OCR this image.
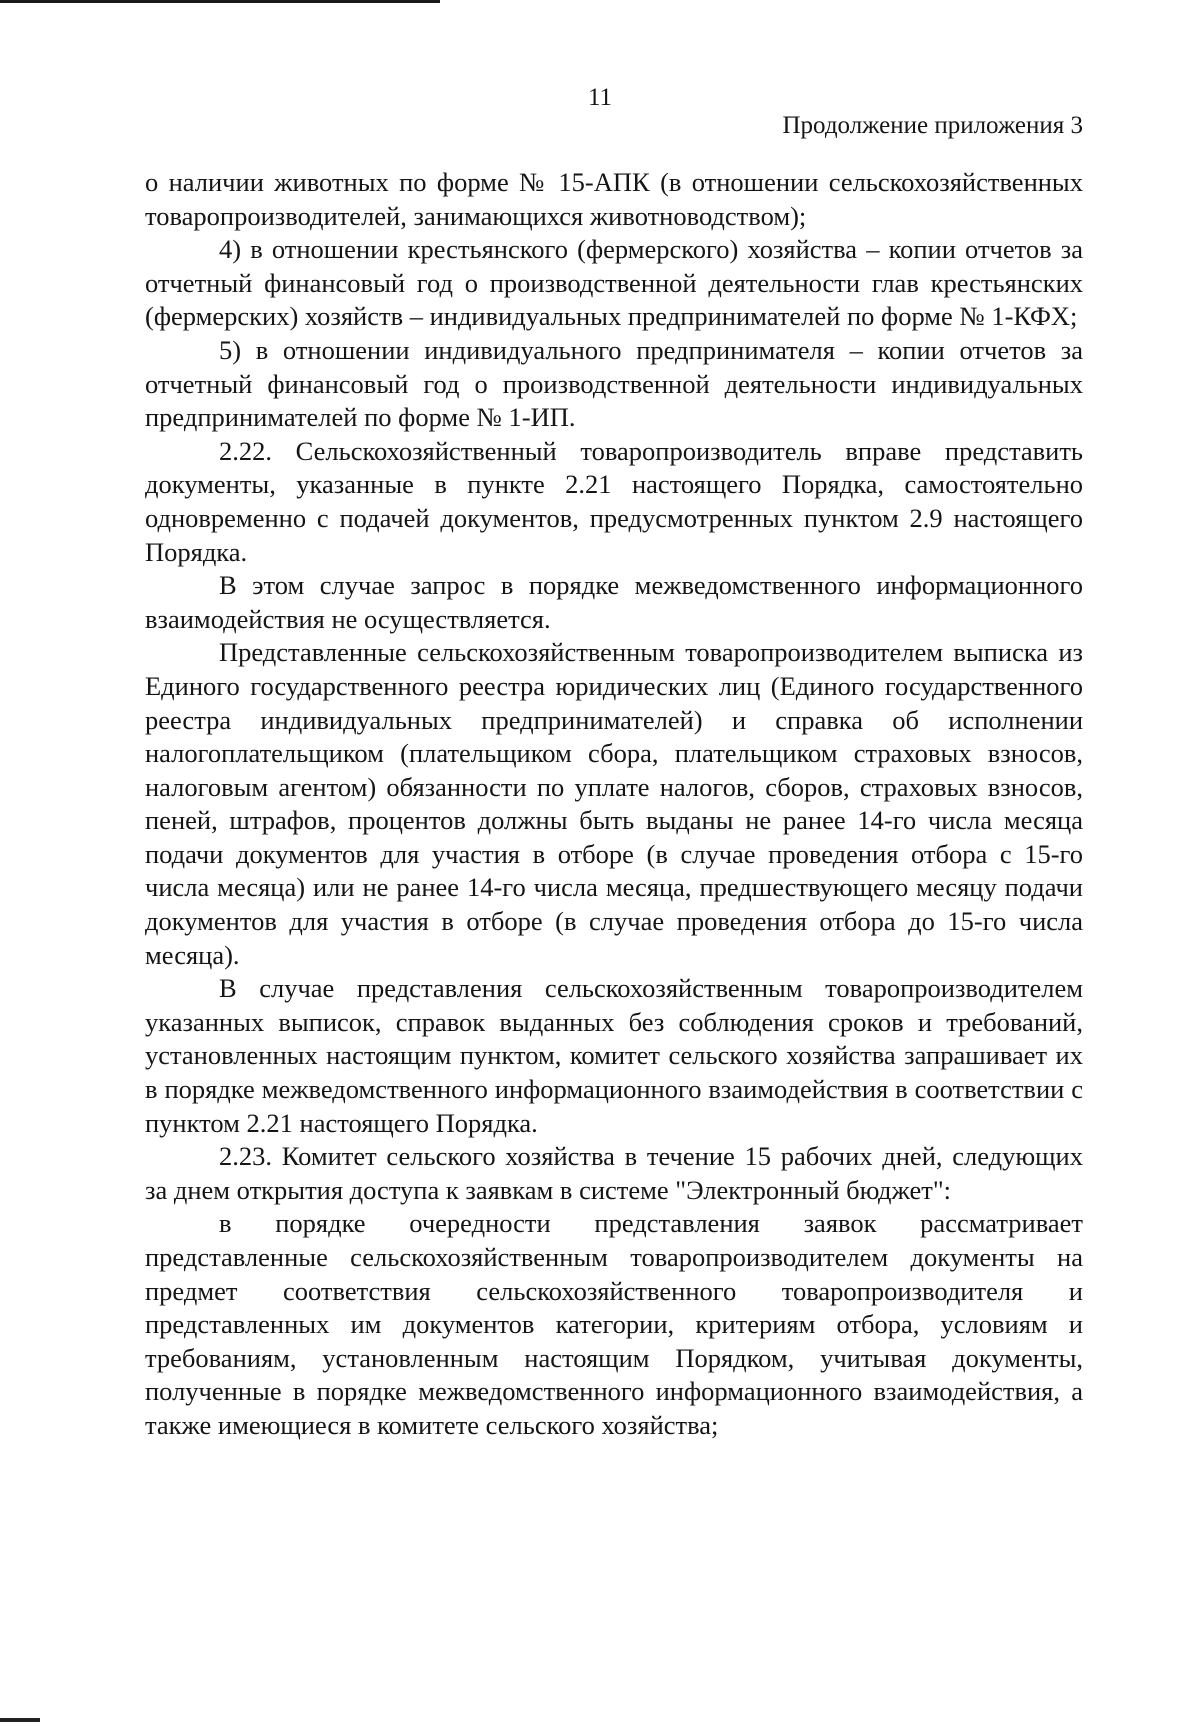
11
Продолжение приложения 3

о наличии животных по форме № 15-АПК (в отношении сельскохозяйственных товаропроизводителей, занимающихся животноводством);

4) в отношении крестьянского (фермерского) хозяйства – копии отчетов за отчетный финансовый год о производственной деятельности глав крестьянских (фермерских) хозяйств – индивидуальных предпринимателей по форме № 1-КФХ;

5) в отношении индивидуального предпринимателя – копии отчетов за отчетный финансовый год о производственной деятельности индивидуальных предпринимателей по форме № 1-ИП.

2.22. Сельскохозяйственный товаропроизводитель вправе представить документы, указанные в пункте 2.21 настоящего Порядка, самостоятельно одновременно с подачей документов, предусмотренных пунктом 2.9 настоящего Порядка.

В этом случае запрос в порядке межведомственного информационного взаимодействия не осуществляется.

Представленные сельскохозяйственным товаропроизводителем выписка из Единого государственного реестра юридических лиц (Единого государственного реестра индивидуальных предпринимателей) и справка об исполнении налогоплательщиком (плательщиком сбора, плательщиком страховых взносов, налоговым агентом) обязанности по уплате налогов, сборов, страховых взносов, пеней, штрафов, процентов должны быть выданы не ранее 14-го числа месяца подачи документов для участия в отборе (в случае проведения отбора с 15-го числа месяца) или не ранее 14-го числа месяца, предшествующего месяцу подачи документов для участия в отборе (в случае проведения отбора до 15-го числа месяца).

В случае представления сельскохозяйственным товаропроизводителем указанных выписок, справок выданных без соблюдения сроков и требований, установленных настоящим пунктом, комитет сельского хозяйства запрашивает их в порядке межведомственного информационного взаимодействия в соответствии с пунктом 2.21 настоящего Порядка.

2.23. Комитет сельского хозяйства в течение 15 рабочих дней, следующих за днем открытия доступа к заявкам в системе "Электронный бюджет":

в порядке очередности представления заявок рассматривает представленные сельскохозяйственным товаропроизводителем документы на предмет соответствия сельскохозяйственного товаропроизводителя и представленных им документов категории, критериям отбора, условиям и требованиям, установленным настоящим Порядком, учитывая документы, полученные в порядке межведомственного информационного взаимодействия, а также имеющиеся в комитете сельского хозяйства;
